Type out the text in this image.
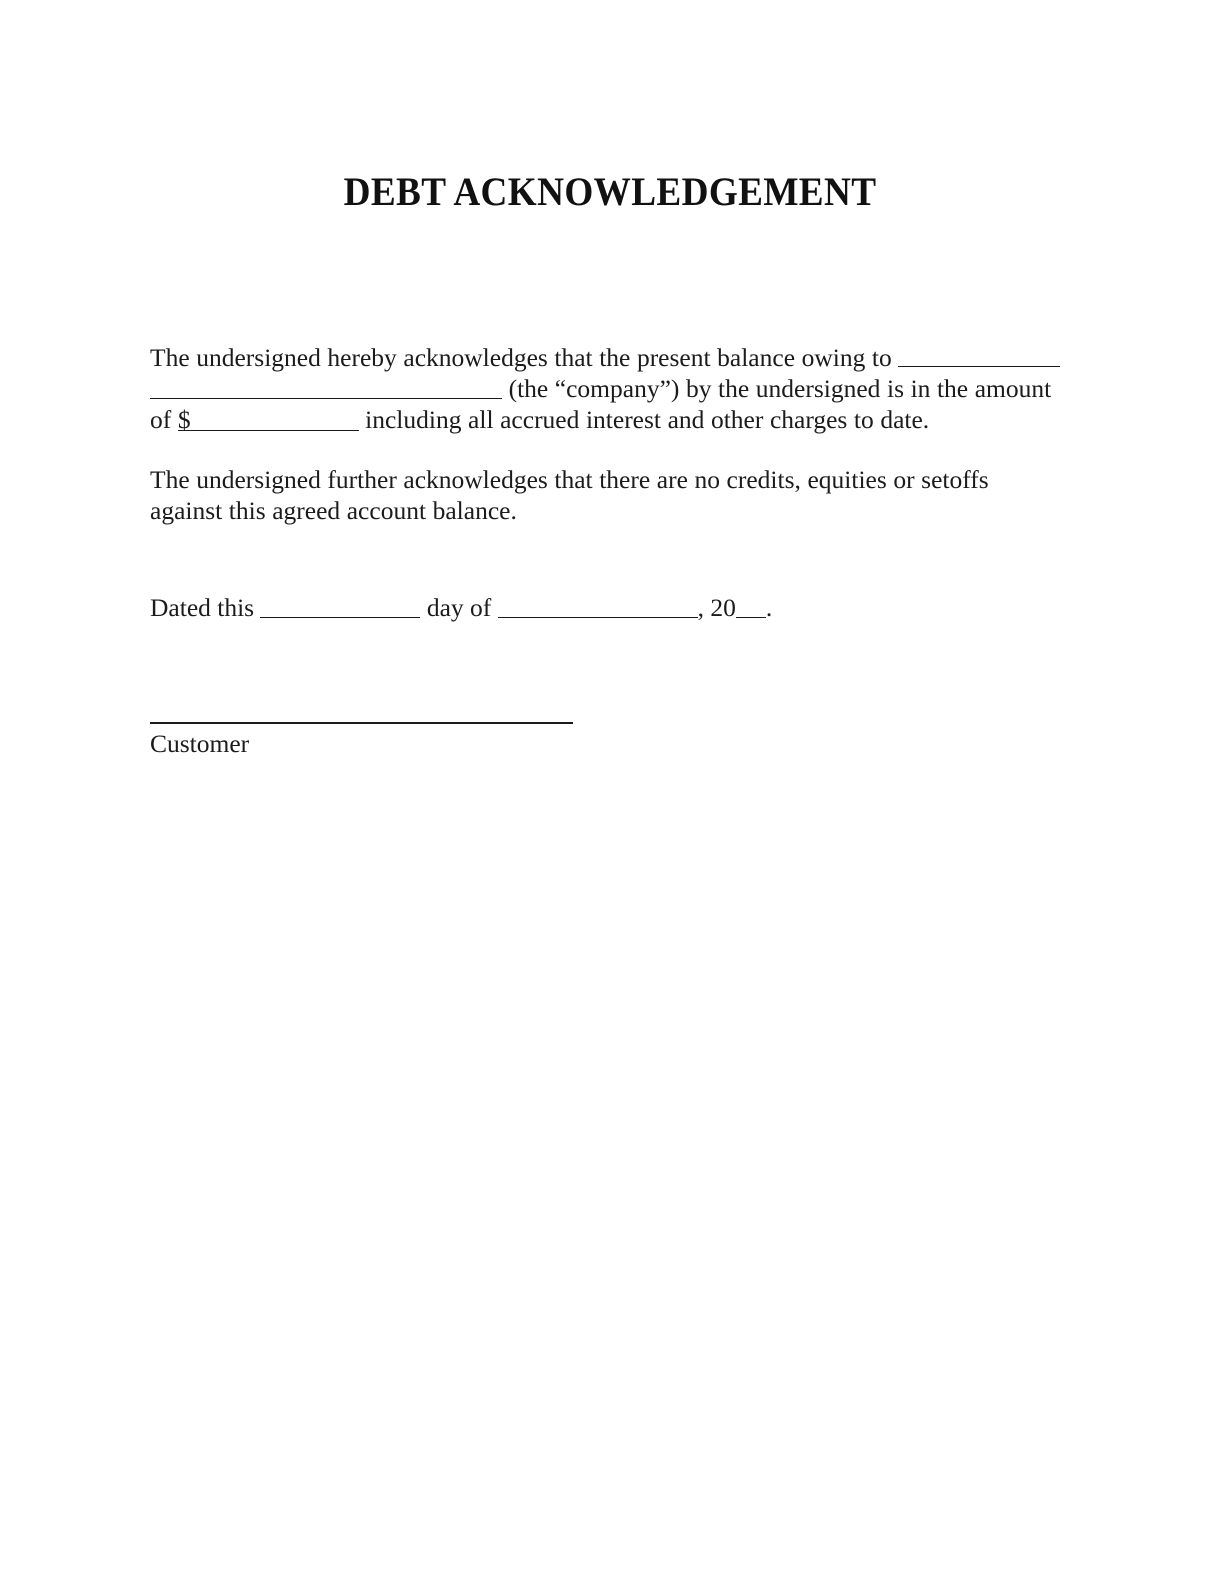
DEBT ACKNOWLEDGEMENT

The undersigned hereby acknowledges that the present balance owing to  (the “company”) by the undersigned is in the amount of $	including all accrued interest and other charges to date.

The undersigned further acknowledges that there are no credits, equities or setoffs against this agreed account balance.

Dated this	day of	, 20 .
Customer
